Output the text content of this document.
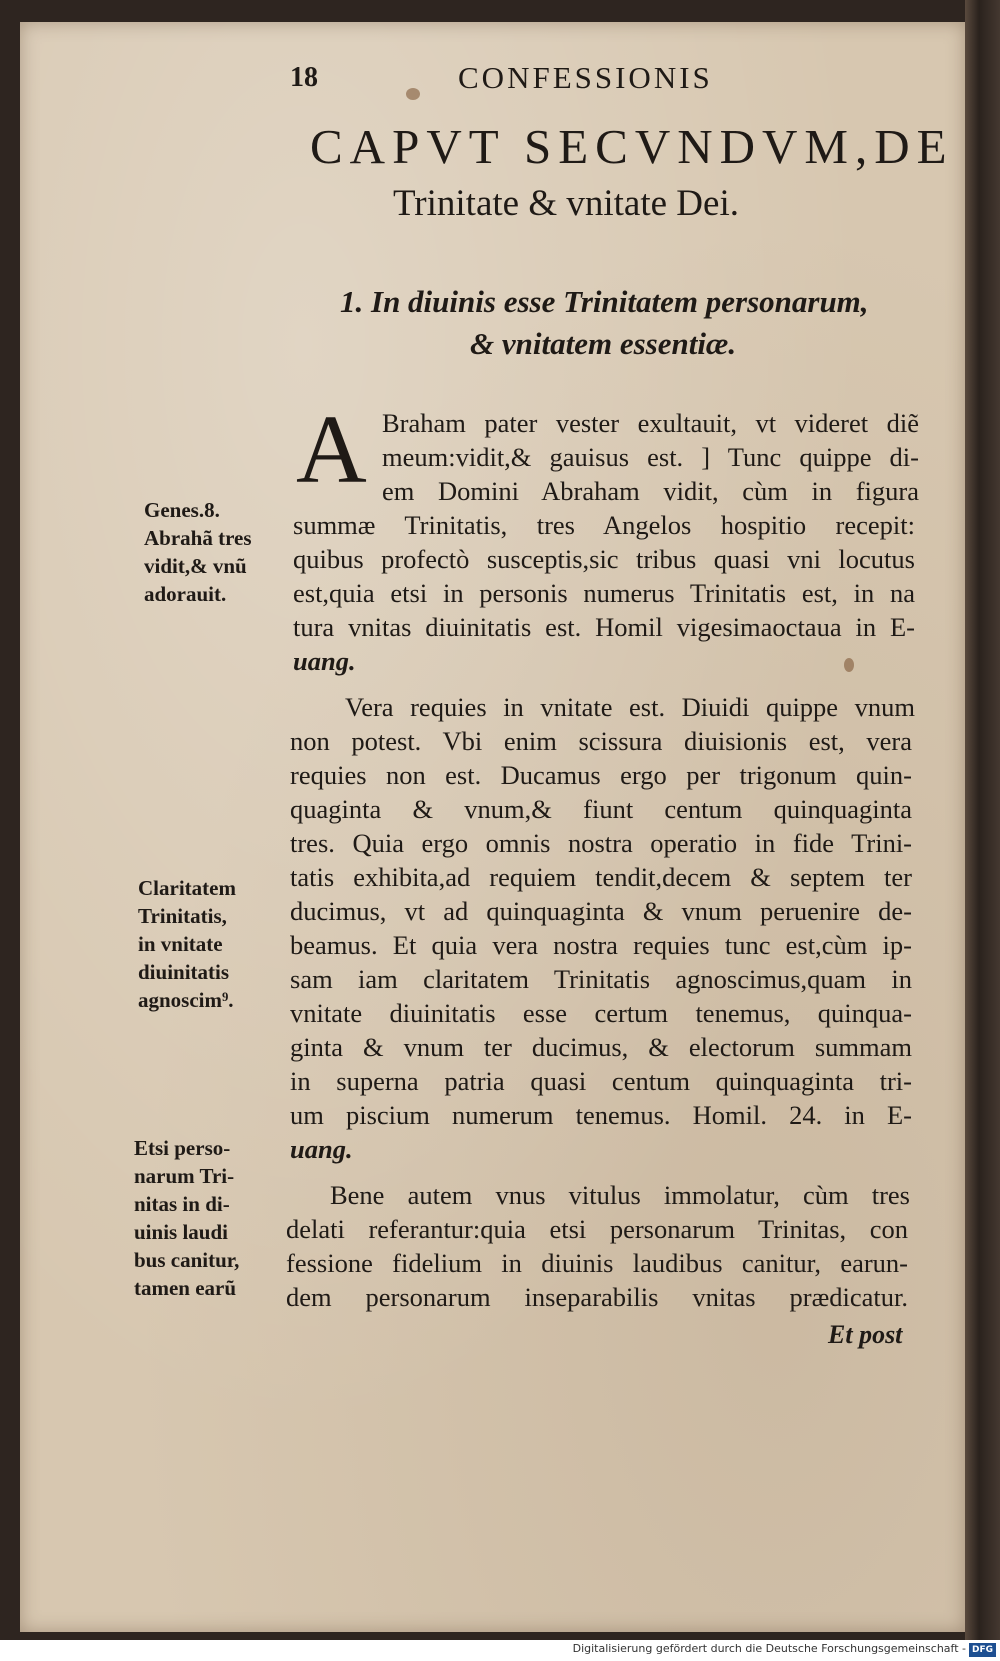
18	CONFESSIONIS
CAPVT SECVNDVM,DE
Trinitate & vnitate Dei.
1. In diuinis esse Trinitatem personarum,
& vnitatem essentiæ.
A Braham pater vester exultauit, vt videret diẽ
meum:vidit,& gauisus est. ] Tunc quippe di-
em Domini Abraham vidit, cùm in figura
summæ Trinitatis, tres Angelos hospitio recepit:
quibus profectò susceptis,sic tribus quasi vni locutus
est,quia etsi in personis numerus Trinitatis est, in na
tura vnitas diuinitatis est. Homil vigesimaoctaua in E-
uang.
Vera requies in vnitate est. Diuidi quippe vnum
non potest. Vbi enim scissura diuisionis est, vera
requies non est. Ducamus ergo per trigonum quin-
quaginta & vnum,& fiunt centum quinquaginta
tres. Quia ergo omnis nostra operatio in fide Trini-
tatis exhibita,ad requiem tendit,decem & septem ter
ducimus, vt ad quinquaginta & vnum peruenire de-
beamus. Et quia vera nostra requies tunc est,cùm ip-
sam iam claritatem Trinitatis agnoscimus,quam in
vnitate diuinitatis esse certum tenemus, quinqua-
ginta & vnum ter ducimus, & electorum summam
in superna patria quasi centum quinquaginta tri-
um piscium numerum tenemus. Homil. 24. in E-
uang.
Bene autem vnus vitulus immolatur, cùm tres
delati referantur:quia etsi personarum Trinitas, con
fessione fidelium in diuinis laudibus canitur, earun-
dem personarum inseparabilis vnitas prædicatur.
Et post
Genes.8.
Abrahã tres
vidit,& vnũ
adorauit.
Claritatem
Trinitatis,
in vnitate
diuinitatis
agnoscim⁹.
Etsi perso-
narum Tri-
nitas in di-
uinis laudi
bus canitur,
tamen earũ
Digitalisierung gefördert durch die Deutsche Forschungsgemeinschaft - DFG
